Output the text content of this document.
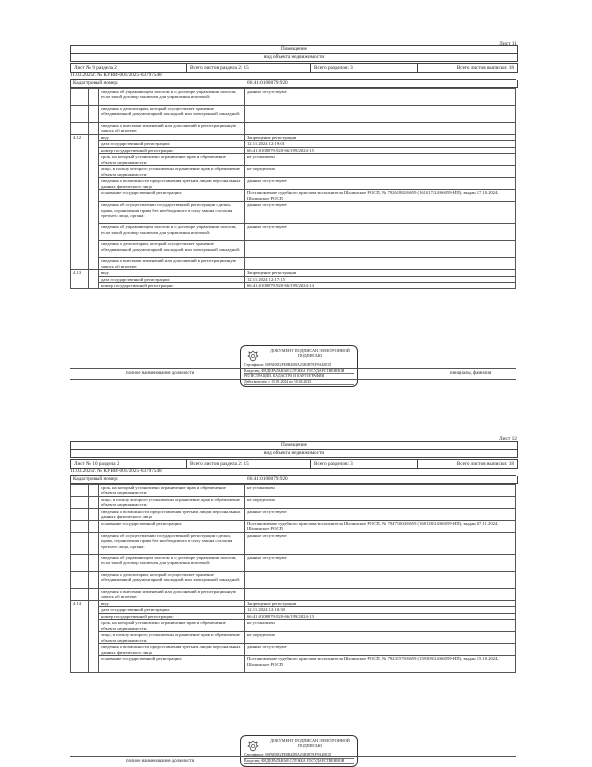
Лист 11
Помещение
вид объекта недвижимости
Лист № 9 раздела 2	Всего листов раздела 2: 15	Всего разделов: 3	Всего листов выписки: 18
11.03.2025г. № КУВИ-001/2025-63797548
Кадастровый номер:	66:41:0108079:920
		сведения об управляющем залогом и о договоре управления залогом, если такой договор заключен для управления ипотекой:	данные отсутствуют
		сведения о депозитарии, который осуществляет хранение обездвиженной документарной закладной или электронной закладной:	
		сведения о внесении изменений или дополнений в регистрационную запись об ипотеке:	
4.12		вид:	Запрещение регистрации
		дата государственной регистрации:	12.11.2024 12:19:01
		номер государственной регистрации:	66:41:0108079:920-66/199/2024-15
		срок, на который установлено ограничение прав и обременение объекта недвижимости:	не установлен
		лицо, в пользу которого установлены ограничение прав и обременение объекта недвижимости:	не определено
		сведения о возможности предоставления третьим лицам персональных данных физического лица	данные отсутствуют
		основание государственной регистрации:	Постановление судебного пристава-исполнителя Шалинское РОСП, № 79261882/6659 (161017/24/66059-ИП), выдан 17.10.2024, Шалинское РОСП
		сведения об осуществлении государственной регистрации сделки, права, ограничения права без необходимого в силу закона согласия третьего лица, органа:	данные отсутствуют
		сведения об управляющем залогом и о договоре управления залогом, если такой договор заключен для управления ипотекой:	данные отсутствуют
		сведения о депозитарии, который осуществляет хранение обездвиженной документарной закладной или электронной закладной:	
		сведения о внесении изменений или дополнений в регистрационную запись об ипотеке:	
4.13		вид:	Запрещение регистрации
		дата государственной регистрации:	12.11.2024 12:17:15
		номер государственной регистрации:	66:41:0108079:920-66/199/2024-14
ДОКУМЕНТ ПОДПИСАН ЭЛЕКТРОННОЙ ПОДПИСЬЮ
Сертификат: 00F6E8E2FE8B4D8A23B3B7EF9A4BCD
Владелец: ФЕДЕРАЛЬНАЯ СЛУЖБА ГОСУДАРСТВЕННОЙ
РЕГИСТРАЦИИ, КАДАСТРА И КАРТОГРАФИИ
Действителен: с 15.01.2024 по 10.04.2025
полное наименование должности	инициалы, фамилия
Лист 12
Помещение
вид объекта недвижимости
Лист № 10 раздела 2	Всего листов раздела 2: 15	Всего разделов: 3	Всего листов выписки: 18
11.03.2025г. № КУВИ-001/2025-63797548
Кадастровый номер:	66:41:0108079:920
		срок, на который установлено ограничение прав и обременение объекта недвижимости:	не установлен
		лицо, в пользу которого установлены ограничение прав и обременение объекта недвижимости:	не определено
		сведения о возможности предоставления третьим лицам персональных данных физического лица	данные отсутствуют
		основание государственной регистрации:	Постановление судебного пристава-исполнителя Шалинское РОСП, № 79471004/6659 (168138/24/66059-ИП), выдан 07.11.2024, Шалинское РОСП
		сведения об осуществлении государственной регистрации сделки, права, ограничения права без необходимого в силу закона согласия третьего лица, органа:	данные отсутствуют
		сведения об управляющем залогом и о договоре управления залогом, если такой договор заключен для управления ипотекой:	данные отсутствуют
		сведения о депозитарии, который осуществляет хранение обездвиженной документарной закладной или электронной закладной:	
		сведения о внесении изменений или дополнений в регистрационную запись об ипотеке:	
4.14		вид:	Запрещение регистрации
		дата государственной регистрации:	12.11.2024 12:10:30
		номер государственной регистрации:	66:41:0108079:920-66/199/2024-13
		срок, на который установлено ограничение прав и обременение объекта недвижимости:	не установлен
		лицо, в пользу которого установлены ограничение прав и обременение объекта недвижимости:	не определено
		сведения о возможности предоставления третьим лицам персональных данных физического лица	данные отсутствуют
		основание государственной регистрации:	Постановление судебного пристава-исполнителя Шалинское РОСП, № 79231570/6659 (159309/24/66059-ИП), выдан 15.10.2024, Шалинское РОСП
ДОКУМЕНТ ПОДПИСАН ЭЛЕКТРОННОЙ ПОДПИСЬЮ
Сертификат: 00F6E8E2FE8B4D8A23B3B7EF9A4BCD
Владелец: ФЕДЕРАЛЬНАЯ СЛУЖБА ГОСУДАРСТВЕННОЙ
полное наименование должности
